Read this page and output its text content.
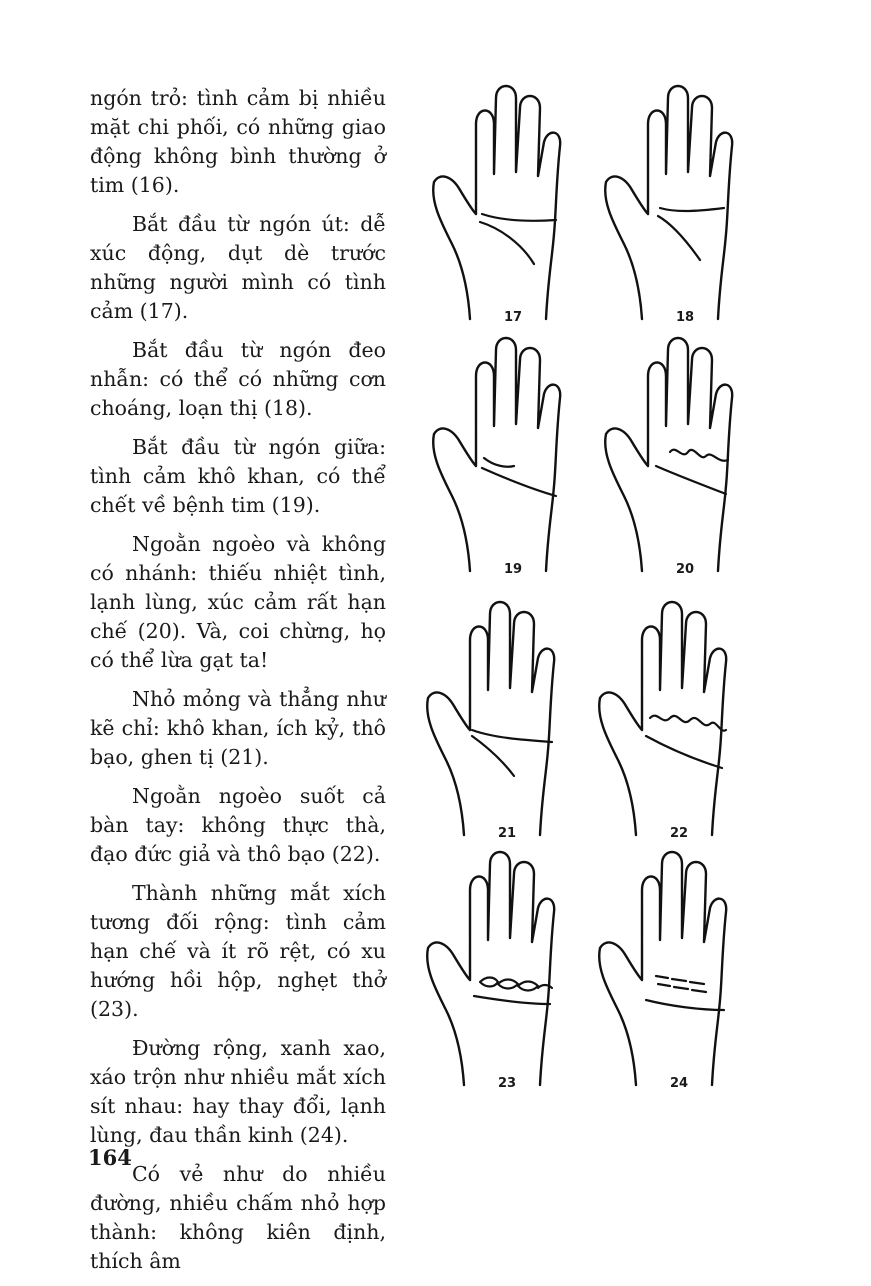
ngón trỏ: tình cảm bị nhiều mặt chi phối, có những giao động không bình thường ở tim (16).

Bắt đầu từ ngón út: dễ xúc động, dụt dè trước những người mình có tình cảm (17).

Bắt đầu từ ngón đeo nhẫn: có thể có những cơn choáng, loạn thị (18).

Bắt đầu từ ngón giữa: tình cảm khô khan, có thể chết về bệnh tim (19).

Ngoằn ngoèo và không có nhánh: thiếu nhiệt tình, lạnh lùng, xúc cảm rất hạn chế (20). Và, coi chừng, họ có thể lừa gạt ta!

Nhỏ mỏng và thẳng như kẽ chỉ: khô khan, ích kỷ, thô bạo, ghen tị (21).

Ngoằn ngoèo suốt cả bàn tay: không thực thà, đạo đức giả và thô bạo (22).

Thành những mắt xích tương đối rộng: tình cảm hạn chế và ít rõ rệt, có xu hướng hồi hộp, nghẹt thở (23).

Đường rộng, xanh xao, xáo trộn như nhiều mắt xích sít nhau: hay thay đổi, lạnh lùng, đau thần kinh (24).

Có vẻ như do nhiều đường, nhiều chấm nhỏ hợp thành: không kiên định, thích âm

164
17	18
19	20
21	22
23	24
